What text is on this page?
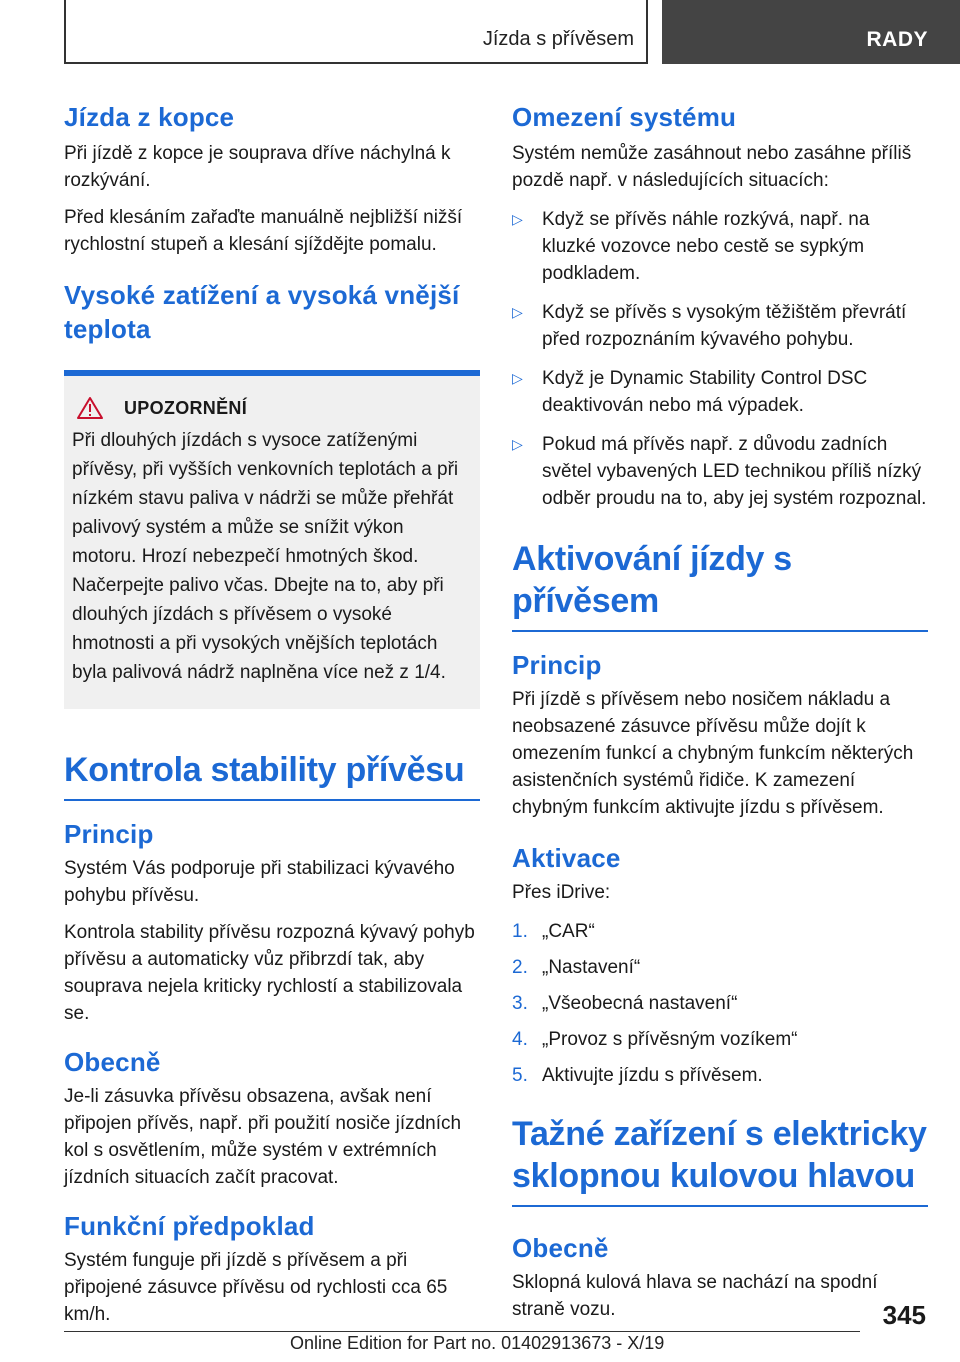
Jízda s přívěsem	RADY
Jízda z kopce

Při jízdě z kopce je souprava dříve náchylná k rozkývání.

Před klesáním zařaďte manuálně nejbližší nižší rychlostní stupeň a klesání sjíždějte pomalu.

Vysoké zatížení a vysoká vnější teplota
UPOZORNĚNÍ

Při dlouhých jízdách s vysoce zatíženými přívěsy, při vyšších venkovních teplotách a při nízkém stavu paliva v nádrži se může přehřát palivový systém a může se snížit výkon motoru. Hrozí nebezpečí hmotných škod. Načerpejte palivo včas. Dbejte na to, aby při dlouhých jízdách s přívěsem o vysoké hmotnosti a při vysokých vnějších teplotách byla palivová nádrž naplněna více než z 1/4.

Kontrola stability přívěsu
Princip

Systém Vás podporuje při stabilizaci kývavého pohybu přívěsu.

Kontrola stability přívěsu rozpozná kývavý pohyb přívěsu a automaticky vůz přibrzdí tak, aby souprava nejela kriticky rychlostí a stabilizovala se.

Obecně

Je-li zásuvka přívěsu obsazena, avšak není připojen přívěs, např. při použití nosiče jízdních kol s osvětlením, může systém v extrémních jízdních situacích začít pracovat.

Funkční předpoklad

Systém funguje při jízdě s přívěsem a při připojené zásuvce přívěsu od rychlosti cca 65 km/h.

Omezení systému

Systém nemůže zasáhnout nebo zasáhne příliš pozdě např. v následujících situacích:

▷ Když se přívěs náhle rozkývá, např. na kluzké vozovce nebo cestě se sypkým podkladem.
▷ Když se přívěs s vysokým těžištěm převrátí před rozpoznáním kývavého pohybu.
▷ Když je Dynamic Stability Control DSC deaktivován nebo má výpadek.
▷ Pokud má přívěs např. z důvodu zadních světel vybavených LED technikou příliš nízký odběr proudu na to, aby jej systém rozpoznal.
Aktivování jízdy s přívěsem
Princip

Při jízdě s přívěsem nebo nosičem nákladu a neobsazené zásuvce přívěsu může dojít k omezením funkcí a chybným funkcím některých asistenčních systémů řidiče. K zamezení chybným funkcím aktivujte jízdu s přívěsem.

Aktivace

Přes iDrive:

1. „CAR“
2. „Nastavení“
3. „Všeobecná nastavení“
4. „Provoz s přívěsným vozíkem“
5. Aktivujte jízdu s přívěsem.
Tažné zařízení s elektricky sklopnou kulovou hlavou
Obecně

Sklopná kulová hlava se nachází na spodní straně vozu.	345
Online Edition for Part no. 01402913673 - X/19
